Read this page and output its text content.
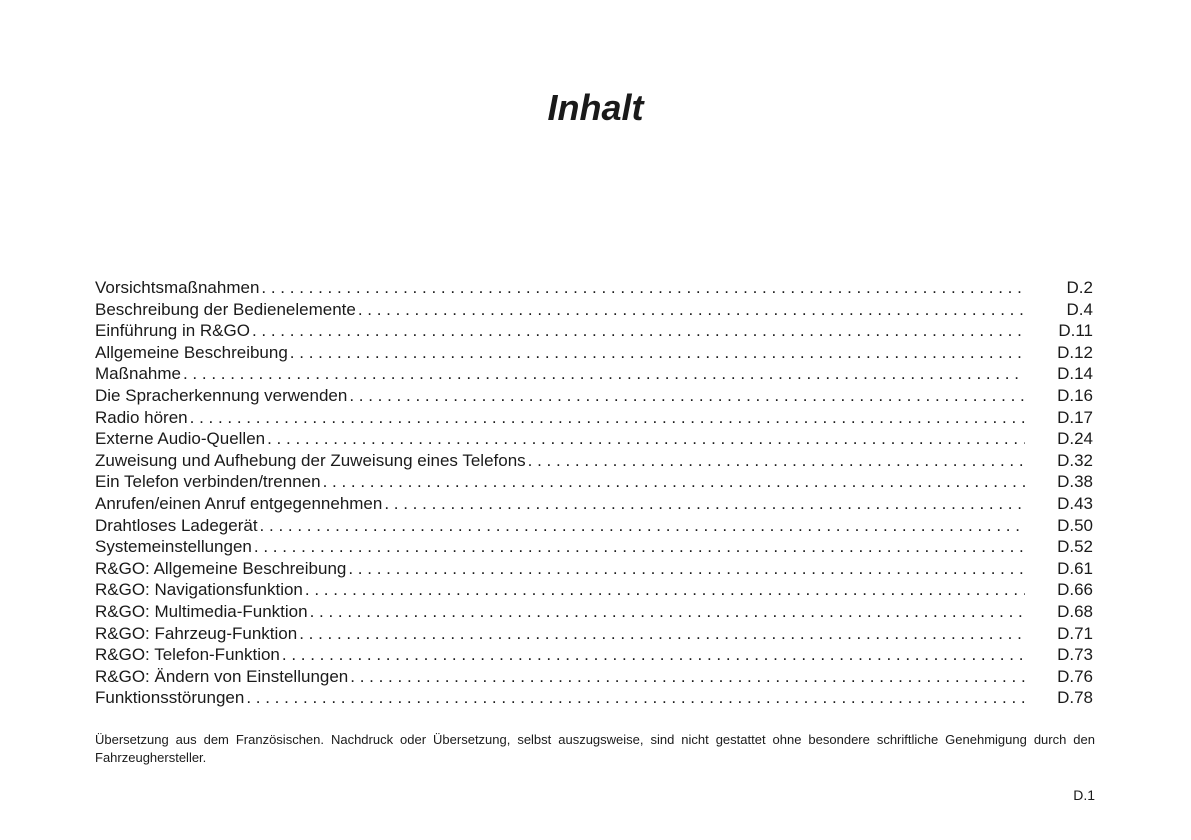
Inhalt
Vorsichtsmaßnahmen . . .	D.2
Beschreibung der Bedienelemente . . .	D.4
Einführung in R&GO . . .	D.11
Allgemeine Beschreibung . . .	D.12
Maßnahme . . .	D.14
Die Spracherkennung verwenden . . .	D.16
Radio hören . . .	D.17
Externe Audio-Quellen . . .	D.24
Zuweisung und Aufhebung der Zuweisung eines Telefons . . .	D.32
Ein Telefon verbinden/trennen . . .	D.38
Anrufen/einen Anruf entgegennehmen . . .	D.43
Drahtloses Ladegerät . . .	D.50
Systemeinstellungen . . .	D.52
R&GO: Allgemeine Beschreibung . . .	D.61
R&GO: Navigationsfunktion . . .	D.66
R&GO: Multimedia-Funktion . . .	D.68
R&GO: Fahrzeug-Funktion . . .	D.71
R&GO: Telefon-Funktion . . .	D.73
R&GO: Ändern von Einstellungen . . .	D.76
Funktionsstörungen . . .	D.78

Übersetzung aus dem Französischen. Nachdruck oder Übersetzung, selbst auszugsweise, sind nicht gestattet ohne besondere schriftliche Genehmigung durch den Fahrzeughersteller.

D.1
